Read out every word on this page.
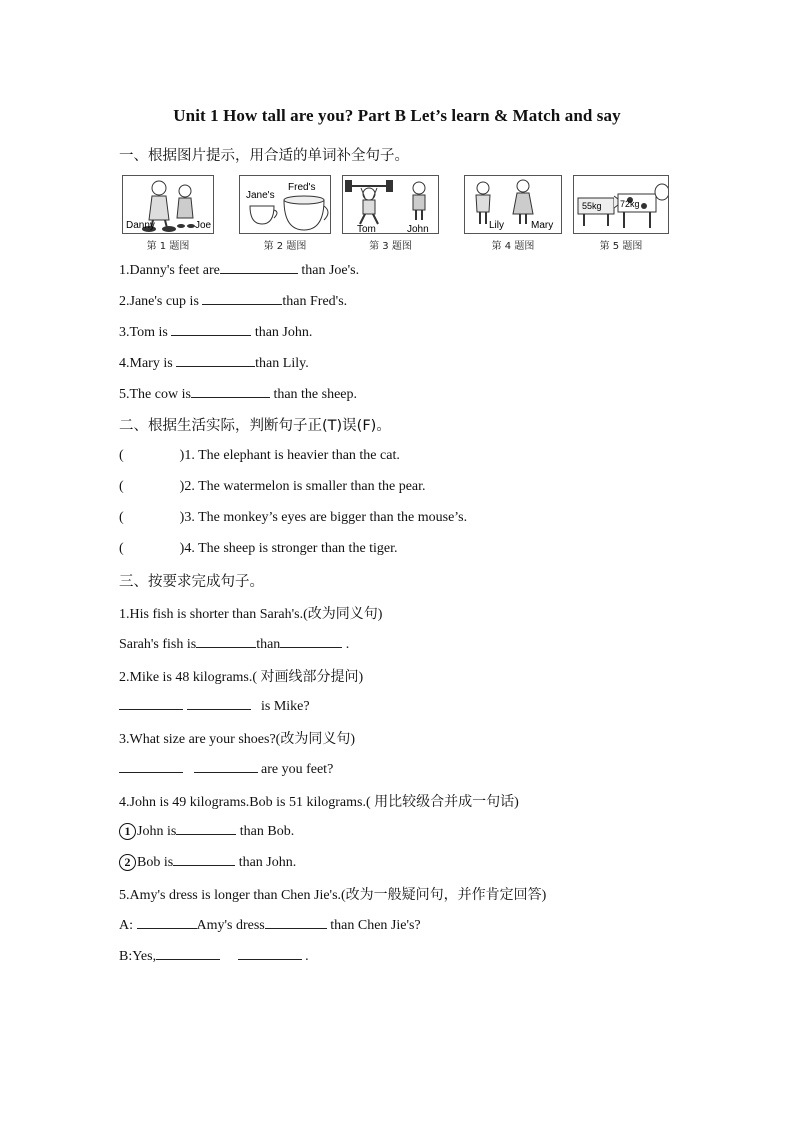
Unit 1 How tall are you? Part B Let’s learn & Match and say
一、根据图片提示，用合适的单词补全句子。
Danny	Joe
第 1 题图
Jane's
Fred's
第 2 题图
Tom	John
第 3 题图
Lily	Mary
第 4 题图
55kg 72kg
第 5 题图
1.Danny's feet are	than Joe's.
2.Jane's cup is	than Fred's.
3.Tom is	than John.
4.Mary is	than Lily.
5.The cow is	than the sheep.
二、根据生活实际，判断句子正(T)误(F)。
(	)1. The elephant is heavier than the cat.
(	)2. The watermelon is smaller than the pear.
(	)3. The monkey’s eyes are bigger than the mouse’s.
(	)4. The sheep is stronger than the tiger.
三、按要求完成句子。
1.His fish is shorter than Sarah's.(改为同义句)
Sarah's fish is	than	.
2.Mike is 48 kilograms.( 对画线部分提问)
is Mike?
3.What size are your shoes?(改为同义句)
are you feet?
4.John is 49 kilograms.Bob is 51 kilograms.( 用比较级合并成一句话)
1 John is	than Bob.
2 Bob is	than John.
5.Amy's dress is longer than Chen Jie's.(改为一般疑问句，并作肯定回答)
A:	Amy's dress	than Chen Jie's?
B:Yes,	.
